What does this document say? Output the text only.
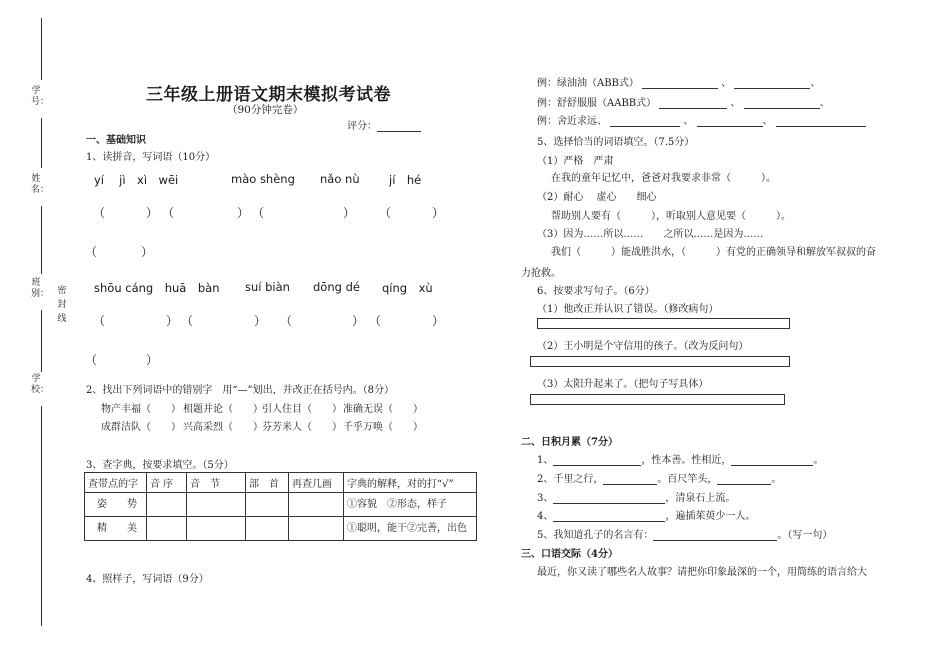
学号：
姓名：
班别：
学校：
密封线
三年级上册语文期末模拟考试卷
（90分钟完卷）
评分：
一、基础知识
1、读拼音，写词语（10分）
yí　 jì　xì　wēi	mào shèng nǎo nù	jí　hé
（	） （	） （	） （	）
（	）
shōu cáng　huā　bàn suí biàn dōng dé qíng　xù
（	） （	） （	） （	）
（	）
2、找出下列词语中的错别字　用“—”划出，并改正在括号内。（8分）
物产丰福（　　） 相题并论（　　） 引人住目（　　） 准确无误（　　）
成群洁队（　　） 兴高采烈（　　） 芬芳米人（　　） 千乎万唤（　　）
3、查字典，按要求填空。（5分）
查带点的字	音 序	音　节	部　首	再查几画	字典的解释，对的打“√”
姿　　势					①容貌　②形态，样子
精　　美					①聪明，能干②完善，出色
4、照样子，写词语（9分）
例：绿油油（ABB式）	、	、
例：舒舒服服（AABB式）	、	、
例：舍近求远、	、	、
5、选择恰当的词语填空。（7.5分）
（1）严格　严肃
在我的童年记忆中，爸爸对我要求非常（　　　）。
（2）耐心　 虚心　　细心
帮助别人要有（　　　），听取别人意见要（　　　）。
（3）因为……所以……　　之所以……是因为……
我们（　　　）能战胜洪水，（　　　）有党的正确领导和解放军叔叔的奋
力抢救。
6、按要求写句子。（6分）
（1）他改正并认识了错误。（修改病句）
（2）王小明是个守信用的孩子。（改为反问句）
（3）太阳升起来了。（把句子写具体）
二、日积月累（7分）
1、	，性本善。性相近，	。
2、千里之行，	。百尺竿头，	。
3、	，清泉石上流。
4、	，遍插茱萸少一人。
5、我知道孔子的名言有：	。（写一句）
三、口语交际（4分）
最近，你又读了哪些名人故事？请把你印象最深的一个，用简练的语言给大
